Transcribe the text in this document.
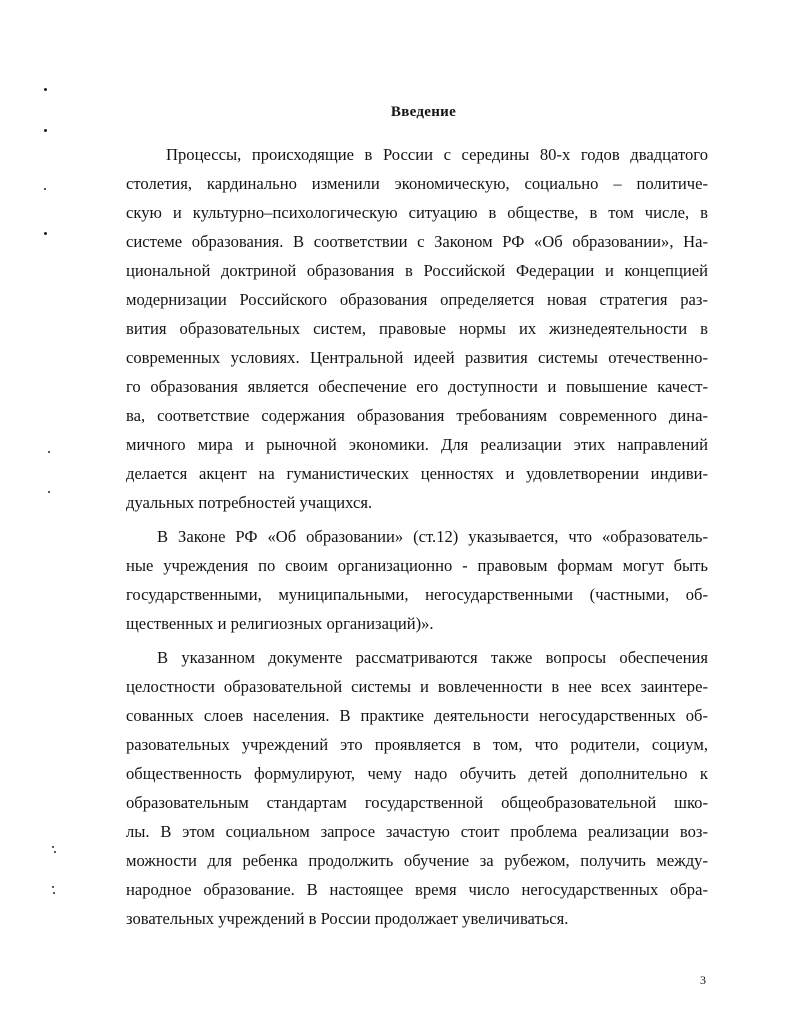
Введение
Процессы, происходящие в России с середины 80-х годов двадцатого
столетия, кардинально изменили экономическую, социально – политиче-
скую и культурно–психологическую ситуацию в обществе, в том числе, в
системе образования. В соответствии с Законом РФ «Об образовании», На-
циональной доктриной образования в Российской Федерации и концепцией
модернизации Российского образования определяется новая стратегия раз-
вития образовательных систем, правовые нормы их жизнедеятельности в
современных условиях. Центральной идеей развития системы отечественно-
го образования является обеспечение его доступности и повышение качест-
ва, соответствие содержания образования требованиям современного дина-
мичного мира и рыночной экономики. Для реализации этих направлений
делается акцент на гуманистических ценностях и удовлетворении индиви-
дуальных потребностей учащихся.
В Законе РФ «Об образовании» (ст.12) указывается, что «образователь-
ные учреждения по своим организационно - правовым формам могут быть
государственными, муниципальными, негосударственными (частными, об-
щественных и религиозных организаций)».
В указанном документе рассматриваются также вопросы обеспечения
целостности образовательной системы и вовлеченности в нее всех заинтере-
сованных слоев населения. В практике деятельности негосударственных об-
разовательных учреждений это проявляется в том, что родители, социум,
общественность формулируют, чему надо обучить детей дополнительно к
образовательным стандартам государственной общеобразовательной шко-
лы. В этом социальном запросе зачастую стоит проблема реализации воз-
можности для ребенка продолжить обучение за рубежом, получить между-
народное образование. В настоящее время число негосударственных обра-
зовательных учреждений в России продолжает увеличиваться.
3
